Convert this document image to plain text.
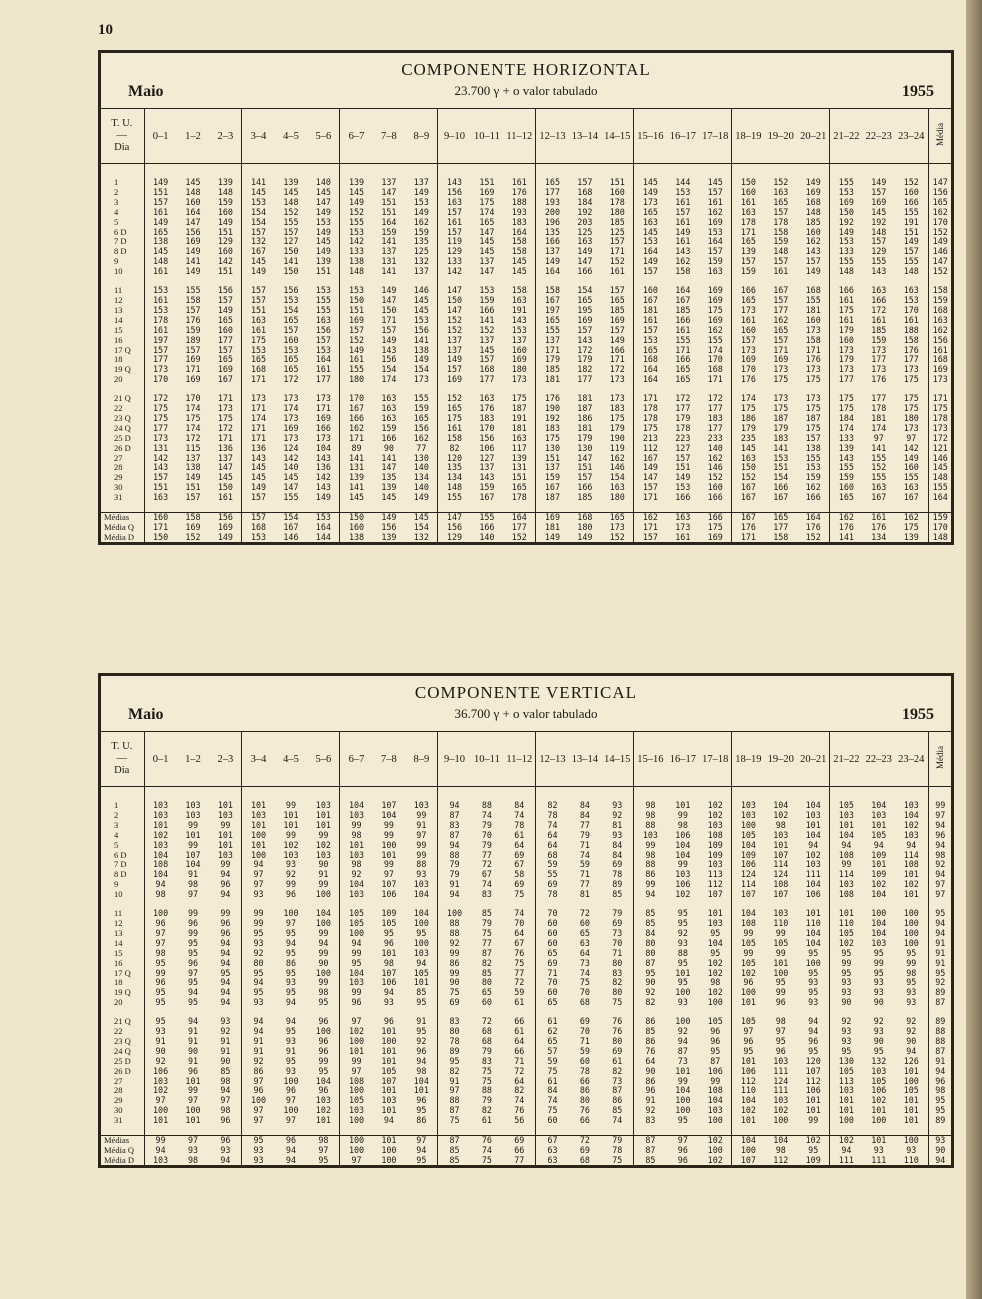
10
COMPONENTE HORIZONTAL
Maio	23.700 γ + o valor tabulado	1955
T. U.
—
Dia	0–1	1–2	2–3	3–4	4–5	5–6	6–7	7–8	8–9	9–10	10–11	11–12	12–13	13–14	14–15	15–16	16–17	17–18	18–19	19–20	20–21	21–22	22–23	23–24	Média

1	149	145	139	141	139	140	139	137	137	143	151	161	165	157	151	145	144	145	150	152	149	155	149	152	147
2	151	148	148	145	145	145	145	147	149	156	169	176	177	168	160	149	153	157	160	163	169	153	157	160	156
3	157	160	159	153	148	147	149	151	153	163	175	188	193	184	178	173	161	161	161	165	168	169	169	166	165
4	161	164	160	154	152	149	152	151	149	157	174	193	200	192	180	165	157	162	163	157	148	150	145	155	162
5	149	147	149	154	155	153	155	164	162	161	165	183	196	203	185	163	161	169	178	178	185	192	192	191	170
6 D	165	156	151	157	157	149	153	159	159	157	147	164	135	125	125	145	149	153	171	158	160	149	148	151	152
7 D	138	169	129	132	127	145	142	141	135	119	145	158	166	163	157	153	161	164	165	159	162	153	157	149	149
8 D	145	149	160	167	150	149	133	137	125	129	145	158	137	149	171	164	143	157	139	148	143	133	129	157	146
9	148	141	142	145	141	139	138	131	132	133	137	145	149	147	152	149	162	159	157	157	157	155	155	155	147
10	161	149	151	149	150	151	148	141	137	142	147	145	164	166	161	157	158	163	159	161	149	148	143	148	152

11	153	155	156	157	156	153	153	149	146	147	153	158	158	154	157	160	164	169	166	167	168	166	163	163	158
12	161	158	157	157	153	155	150	147	145	150	159	163	167	165	165	167	167	169	165	157	155	161	166	153	159
13	153	157	149	151	154	155	151	150	145	147	166	191	197	195	185	181	185	175	173	177	181	175	172	170	168
14	178	176	165	163	165	163	169	171	153	152	141	143	165	169	169	161	166	169	161	162	160	161	161	161	163
15	161	159	160	161	157	156	157	157	156	152	152	153	155	157	157	157	161	162	160	165	173	179	185	188	162
16	197	189	177	175	160	157	152	149	141	137	137	137	137	143	149	153	155	155	157	157	158	160	159	158	156
17 Q	157	157	157	153	153	153	149	143	138	137	145	160	171	172	166	165	171	174	173	171	171	173	173	176	161
18	177	169	165	165	165	164	161	156	149	149	157	169	179	179	171	168	166	170	169	169	176	179	177	177	168
19 Q	173	171	169	168	165	161	155	154	154	157	168	180	185	182	172	164	165	168	170	173	173	173	173	173	169
20	170	169	167	171	172	177	180	174	173	169	177	173	181	177	173	164	165	171	176	175	175	177	176	175	173

21 Q	172	170	171	173	173	173	170	163	155	152	163	175	176	181	173	171	172	172	174	173	173	175	177	175	171
22	175	174	173	171	174	171	167	163	159	165	176	187	190	187	183	178	177	177	175	175	175	175	178	175	175
23 Q	175	175	175	174	173	169	166	163	165	175	183	191	192	186	175	178	179	183	186	187	187	184	181	180	178
24 Q	177	174	172	171	169	166	162	159	156	161	170	181	183	181	179	175	178	177	179	179	175	174	174	173	173
25 D	173	172	171	171	173	173	171	166	162	158	156	163	175	179	190	213	223	233	235	183	157	133	97	97	172
26 D	131	115	136	136	124	104	89	90	77	82	106	117	130	130	119	112	127	140	145	141	138	139	141	142	121
27	142	137	137	143	142	143	141	141	130	120	127	139	151	147	162	167	157	162	163	153	155	143	155	149	146
28	143	138	147	145	140	136	131	147	140	135	137	131	137	151	146	149	151	146	150	151	153	155	152	160	145
29	157	149	145	145	145	142	139	135	134	134	143	151	159	157	154	147	149	152	152	154	159	159	155	155	148
30	151	151	150	149	147	143	141	139	140	148	159	165	167	166	163	157	153	160	167	166	162	160	163	163	155
31	163	157	161	157	155	149	145	145	149	155	167	178	187	185	180	171	166	166	167	167	166	165	167	167	164

Médias	160	158	156	157	154	153	150	149	145	147	155	164	169	168	165	162	163	166	167	165	164	162	161	162	159
Média Q	171	169	169	168	167	164	160	156	154	156	166	177	181	180	173	171	173	175	176	177	176	176	176	175	170
Média D	150	152	149	153	146	144	138	139	132	129	140	152	149	149	152	157	161	169	171	158	152	141	134	139	148
COMPONENTE VERTICAL
Maio	36.700 γ + o valor tabulado	1955
T. U.
—
Dia	0–1	1–2	2–3	3–4	4–5	5–6	6–7	7–8	8–9	9–10	10–11	11–12	12–13	13–14	14–15	15–16	16–17	17–18	18–19	19–20	20–21	21–22	22–23	23–24	Média

1	103	103	101	101	99	103	104	107	103	94	88	84	82	84	93	98	101	102	103	104	104	105	104	103	99
2	103	103	103	103	101	101	103	104	99	87	74	74	78	84	92	98	99	102	103	102	103	103	103	104	97
3	101	99	99	101	101	101	99	99	91	83	79	78	74	77	81	88	98	103	100	98	101	101	101	102	94
4	102	101	101	100	99	99	98	99	97	87	70	61	64	79	93	103	106	108	105	103	104	104	105	103	96
5	103	99	101	101	102	102	101	100	99	94	79	64	64	71	84	99	104	109	104	101	94	94	94	94	94
6 D	104	107	103	100	103	103	103	101	99	88	77	69	68	74	84	98	104	109	109	107	102	108	109	114	98
7 D	108	104	99	94	93	90	98	99	88	79	72	67	59	59	69	88	99	103	106	114	103	99	101	108	92
8 D	104	91	94	97	92	91	92	97	93	79	67	58	55	71	78	86	103	113	124	124	111	114	109	101	94
9	94	98	96	97	99	99	104	107	103	91	74	69	69	77	89	99	106	112	114	108	104	103	102	102	97
10	98	97	94	93	96	100	103	106	104	94	83	75	78	81	85	94	102	107	107	107	106	108	104	101	97

11	100	99	99	99	100	104	105	109	104	100	85	74	70	72	79	85	95	101	104	103	101	101	100	100	95
12	96	96	96	99	97	100	105	105	100	88	79	70	60	60	69	85	95	103	108	110	110	110	104	100	94
13	97	99	96	95	95	99	100	95	95	88	75	64	60	65	73	84	92	95	99	99	104	105	104	100	94
14	97	95	94	93	94	94	94	96	100	92	77	67	60	63	70	80	93	104	105	105	104	102	103	100	91
15	98	95	94	92	95	99	99	101	103	99	87	76	65	64	71	80	88	95	99	99	95	95	95	95	91
16	95	96	94	80	86	90	95	98	94	86	82	75	69	73	80	87	95	102	105	101	100	99	99	99	91
17 Q	99	97	95	95	95	100	104	107	105	99	85	77	71	74	83	95	101	102	102	100	95	95	95	98	95
18	96	95	94	94	93	99	103	106	101	90	80	72	70	75	82	90	95	98	96	95	93	93	93	95	92
19 Q	95	94	94	95	95	98	99	94	85	75	65	59	60	70	80	92	100	102	100	99	95	93	93	93	89
20	95	95	94	93	94	95	96	93	95	69	60	61	65	68	75	82	93	100	101	96	93	90	90	93	87

21 Q	95	94	93	94	94	96	97	96	91	83	72	66	61	69	76	86	100	105	105	98	94	92	92	92	89
22	93	91	92	94	95	100	102	101	95	80	68	61	62	70	76	85	92	96	97	97	94	93	93	92	88
23 Q	91	91	91	91	93	96	100	100	92	78	68	64	65	71	80	86	94	96	96	95	96	93	90	90	88
24 Q	90	90	91	91	91	96	101	101	96	89	79	66	57	59	69	76	87	95	95	96	95	95	95	94	87
25 D	92	91	90	92	95	99	99	101	94	95	83	71	59	60	61	64	73	87	101	103	120	130	132	126	91
26 D	106	96	85	86	93	95	97	105	98	82	75	72	75	78	82	90	101	106	106	111	107	105	103	101	94
27	103	101	98	97	100	104	108	107	104	91	75	64	61	66	73	86	99	99	112	124	112	113	105	100	96
28	102	99	94	96	96	96	100	101	101	97	88	82	84	86	87	96	104	108	110	111	106	103	106	105	98
29	97	97	97	100	97	103	105	103	96	88	79	74	74	80	86	91	100	104	104	103	101	101	102	101	95
30	100	100	98	97	100	102	103	101	95	87	82	76	75	76	85	92	100	103	102	102	101	101	101	101	95
31	101	101	96	97	97	101	100	94	86	75	61	56	60	66	74	83	95	100	101	100	99	100	100	101	89

Médias	99	97	96	95	96	98	100	101	97	87	76	69	67	72	79	87	97	102	104	104	102	102	101	100	93
Média Q	94	93	93	93	94	97	100	100	94	85	74	66	63	69	78	87	96	100	100	98	95	94	93	93	90
Média D	103	98	94	93	94	95	97	100	95	85	75	77	63	68	75	85	96	102	107	112	109	111	111	110	94
